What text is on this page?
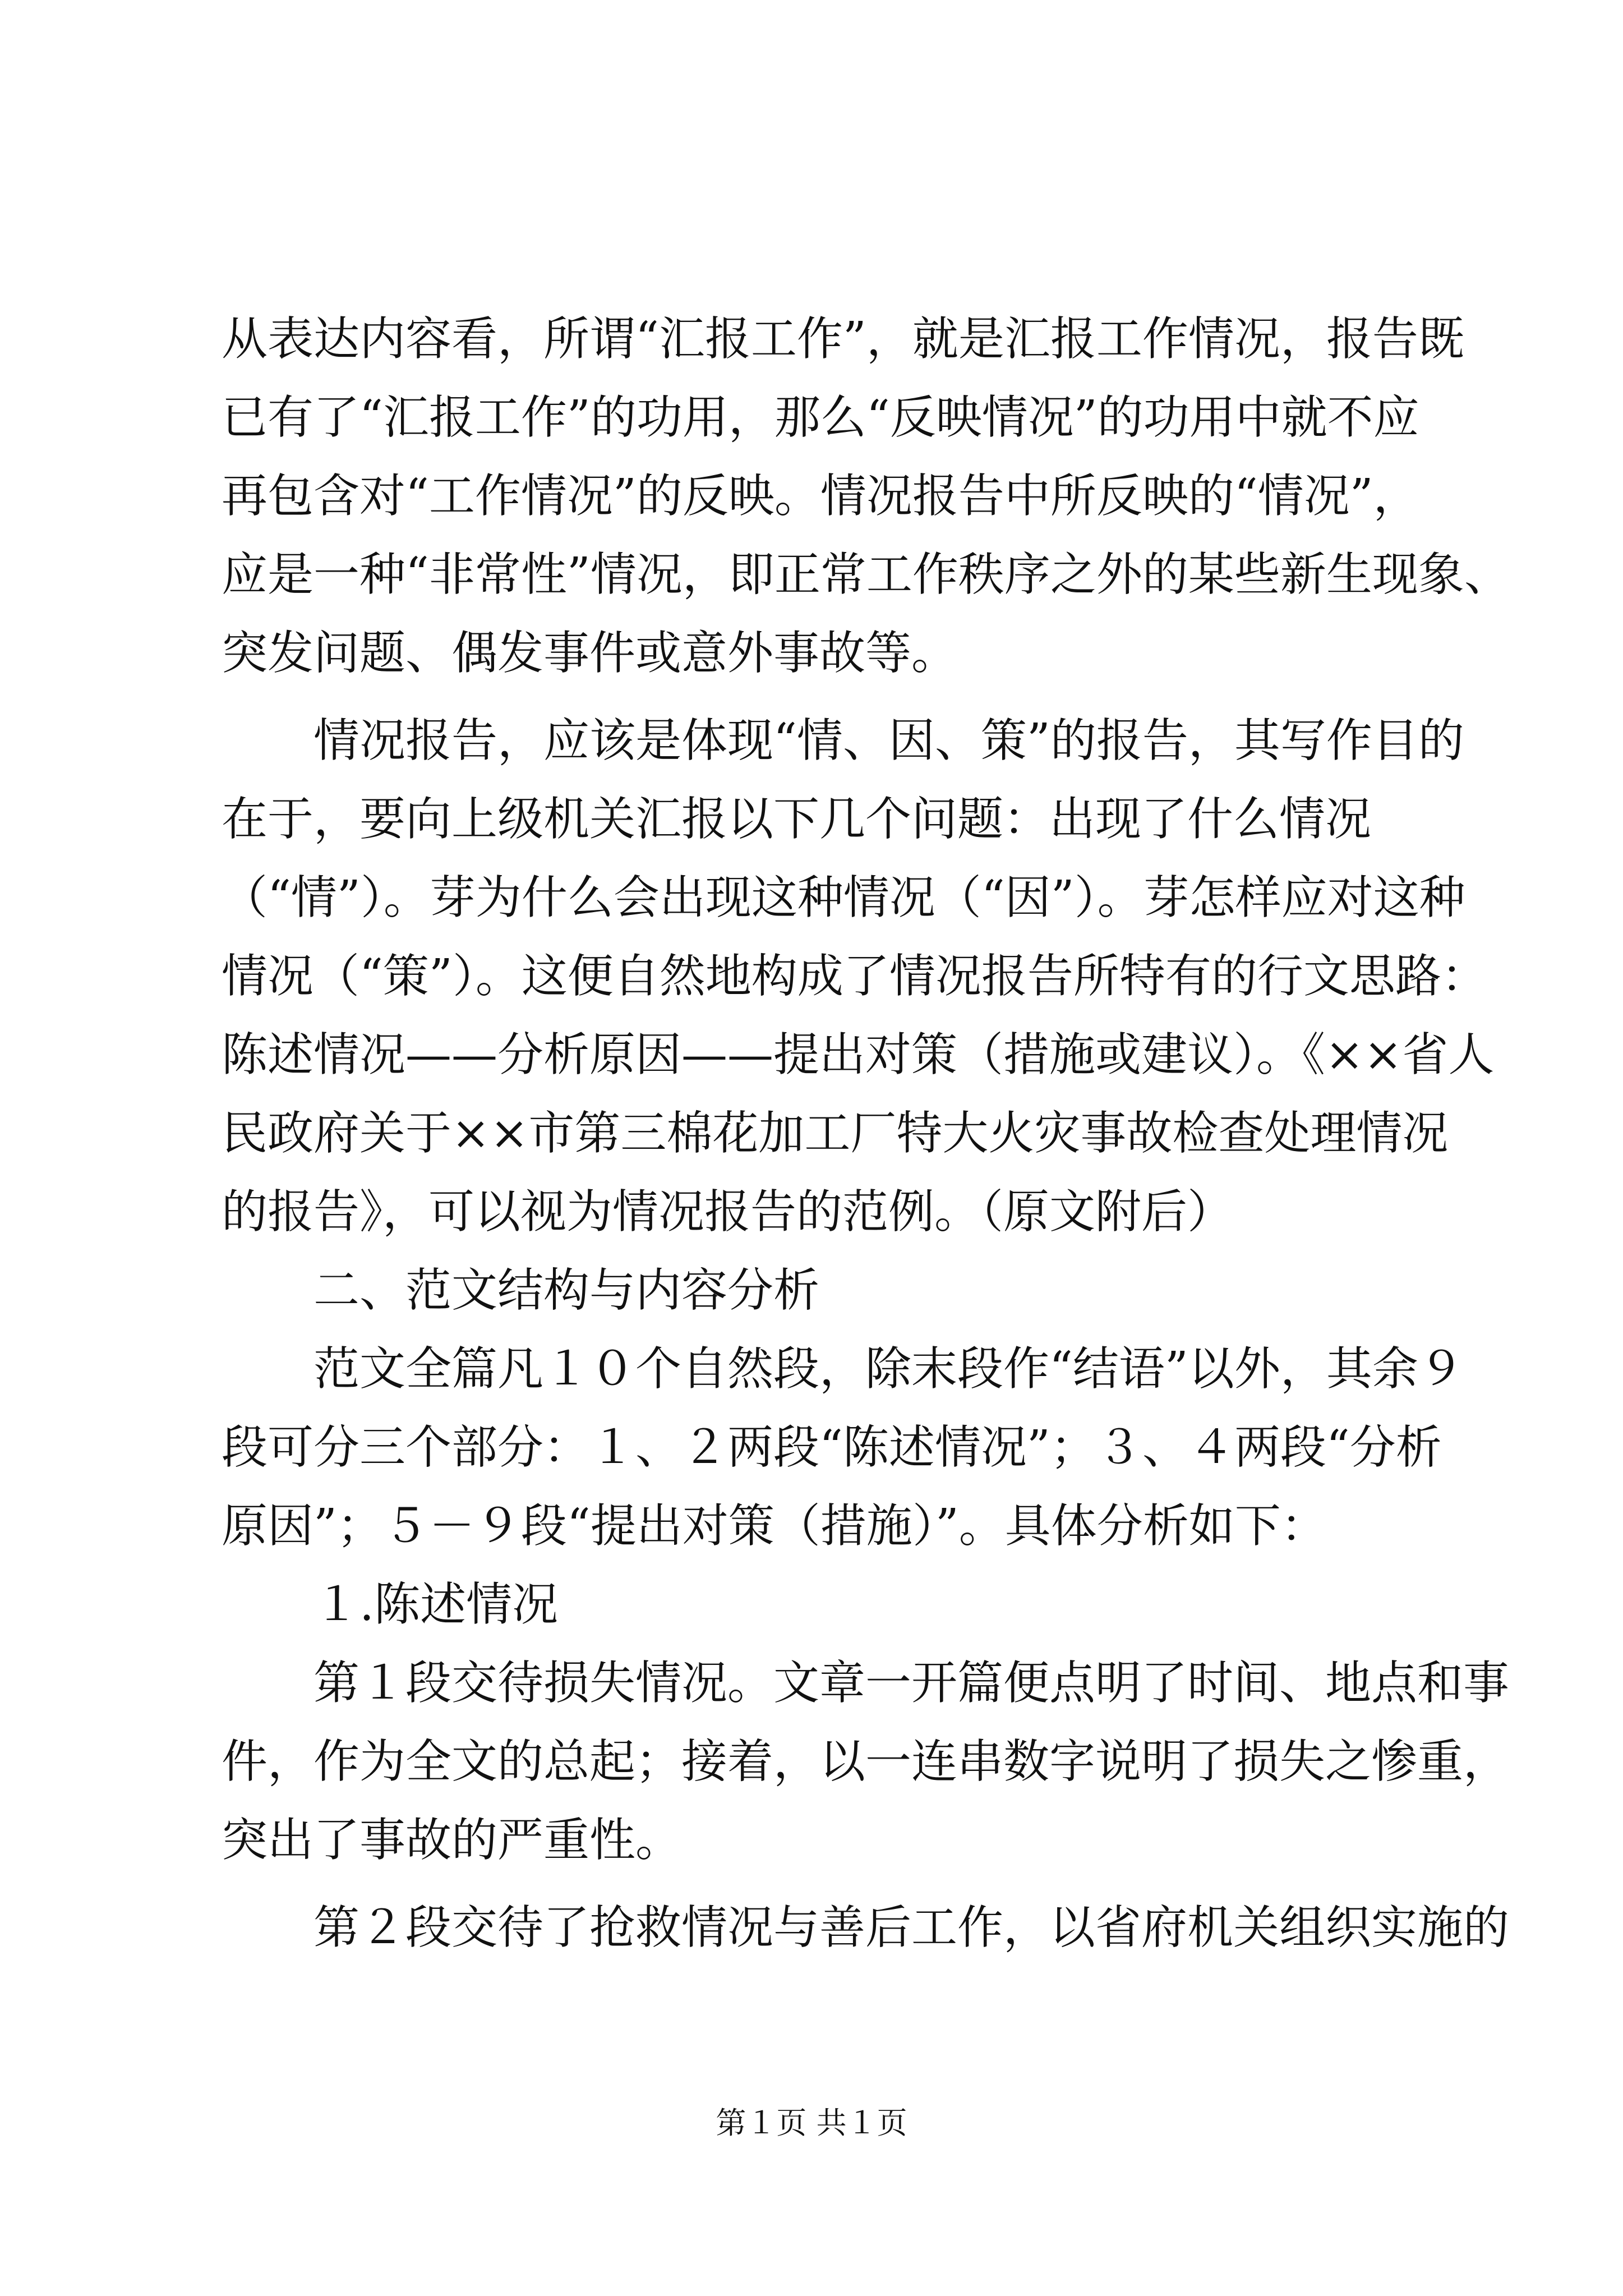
从表达内容看，所谓“汇报工作”，就是汇报工作情况，报告既
已有了“汇报工作”的功用，那么“反映情况”的功用中就不应
再包含对“工作情况”的反映。情况报告中所反映的“情况”，
应是一种“非常性”情况，即正常工作秩序之外的某些新生现象、
突发问题、偶发事件或意外事故等。
　　情况报告，应该是体现“情、因、策”的报告，其写作目的
在于，要向上级机关汇报以下几个问题：出现了什么情况
（“情”）。芽为什么会出现这种情况（“因”）。芽怎样应对这种
情况（“策”）。这便自然地构成了情况报告所特有的行文思路：
陈述情况——分析原因——提出对策（措施或建议）。《××省人
民政府关于××市第三棉花加工厂特大火灾事故检查处理情况
的报告》，可以视为情况报告的范例。（原文附后）
　　二、范文结构与内容分析
　　范文全篇凡１０个自然段，除末段作“结语”以外，其余９
段可分三个部分：１、２两段“陈述情况”；３、４两段“分析
原因”；５－９段“提出对策（措施）”。具体分析如下：
　　１.陈述情况
　　第１段交待损失情况。文章一开篇便点明了时间、地点和事
件，作为全文的总起；接着，以一连串数字说明了损失之惨重，
突出了事故的严重性。
　　第２段交待了抢救情况与善后工作，以省府机关组织实施的
第１页 共１页
